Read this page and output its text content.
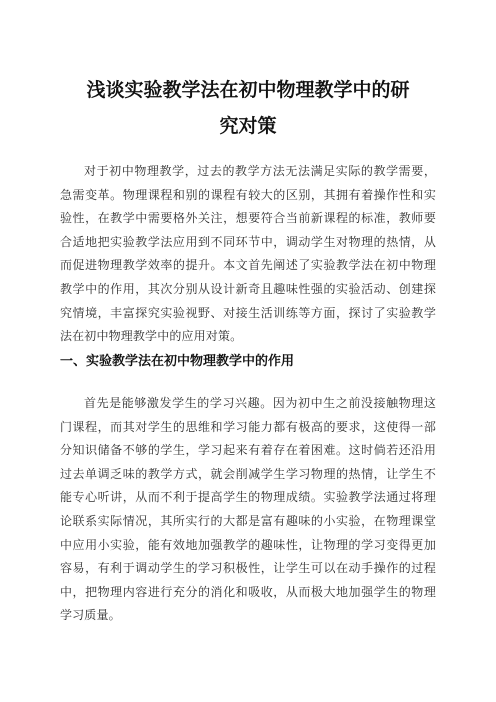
浅谈实验教学法在初中物理教学中的研
究对策

对于初中物理教学，过去的教学方法无法满足实际的教学需要，急需变革。物理课程和别的课程有较大的区别，其拥有着操作性和实验性，在教学中需要格外关注，想要符合当前新课程的标准，教师要合适地把实验教学法应用到不同环节中，调动学生对物理的热情，从而促进物理教学效率的提升。本文首先阐述了实验教学法在初中物理教学中的作用，其次分别从设计新奇且趣味性强的实验活动、创建探究情境，丰富探究实验视野、对接生活训练等方面，探讨了实验教学法在初中物理教学中的应用对策。

一、实验教学法在初中物理教学中的作用

首先是能够激发学生的学习兴趣。因为初中生之前没接触物理这门课程，而其对学生的思维和学习能力都有极高的要求，这使得一部分知识储备不够的学生，学习起来有着存在着困难。这时倘若还沿用过去单调乏味的教学方式，就会削减学生学习物理的热情，让学生不能专心听讲，从而不利于提高学生的物理成绩。实验教学法通过将理论联系实际情况，其所实行的大都是富有趣味的小实验，在物理课堂中应用小实验，能有效地加强教学的趣味性，让物理的学习变得更加容易，有利于调动学生的学习积极性，让学生可以在动手操作的过程中，把物理内容进行充分的消化和吸收，从而极大地加强学生的物理学习质量。
